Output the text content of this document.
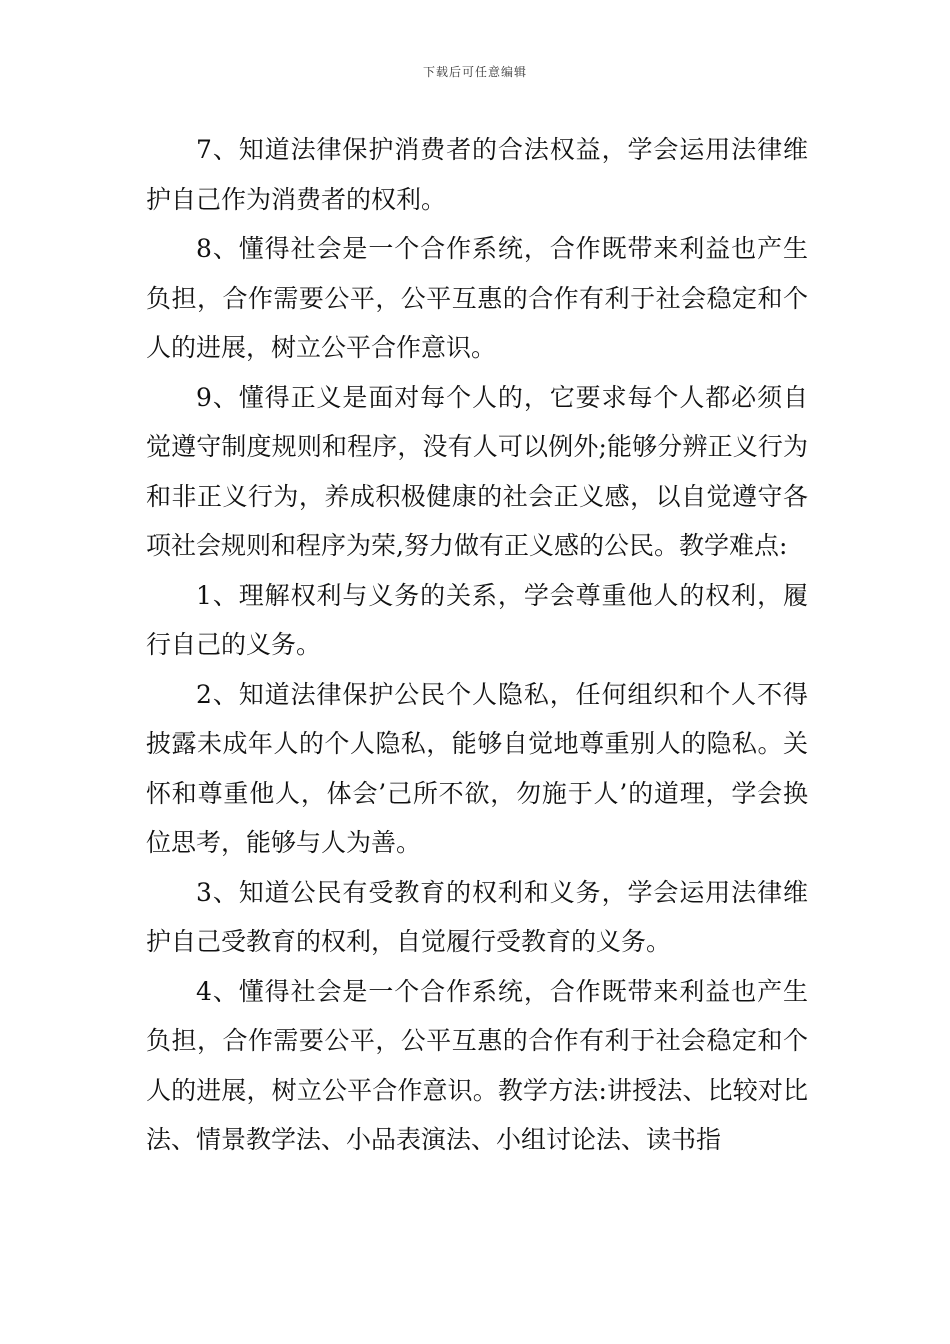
下载后可任意编辑

7、知道法律保护消费者的合法权益，学会运用法律维护自己作为消费者的权利。

8、懂得社会是一个合作系统，合作既带来利益也产生负担，合作需要公平，公平互惠的合作有利于社会稳定和个人的进展，树立公平合作意识。

9、懂得正义是面对每个人的，它要求每个人都必须自觉遵守制度规则和程序，没有人可以例外;能够分辨正义行为和非正义行为，养成积极健康的社会正义感，以自觉遵守各项社会规则和程序为荣,努力做有正义感的公民。教学难点:

1、理解权利与义务的关系，学会尊重他人的权利，履行自己的义务。

2、知道法律保护公民个人隐私，任何组织和个人不得披露未成年人的个人隐私，能够自觉地尊重别人的隐私。关怀和尊重他人，体会’己所不欲，勿施于人’的道理，学会换位思考，能够与人为善。

3、知道公民有受教育的权利和义务，学会运用法律维护自己受教育的权利，自觉履行受教育的义务。

4、懂得社会是一个合作系统，合作既带来利益也产生负担，合作需要公平，公平互惠的合作有利于社会稳定和个人的进展，树立公平合作意识。教学方法:讲授法、比较对比法、情景教学法、小品表演法、小组讨论法、读书指
